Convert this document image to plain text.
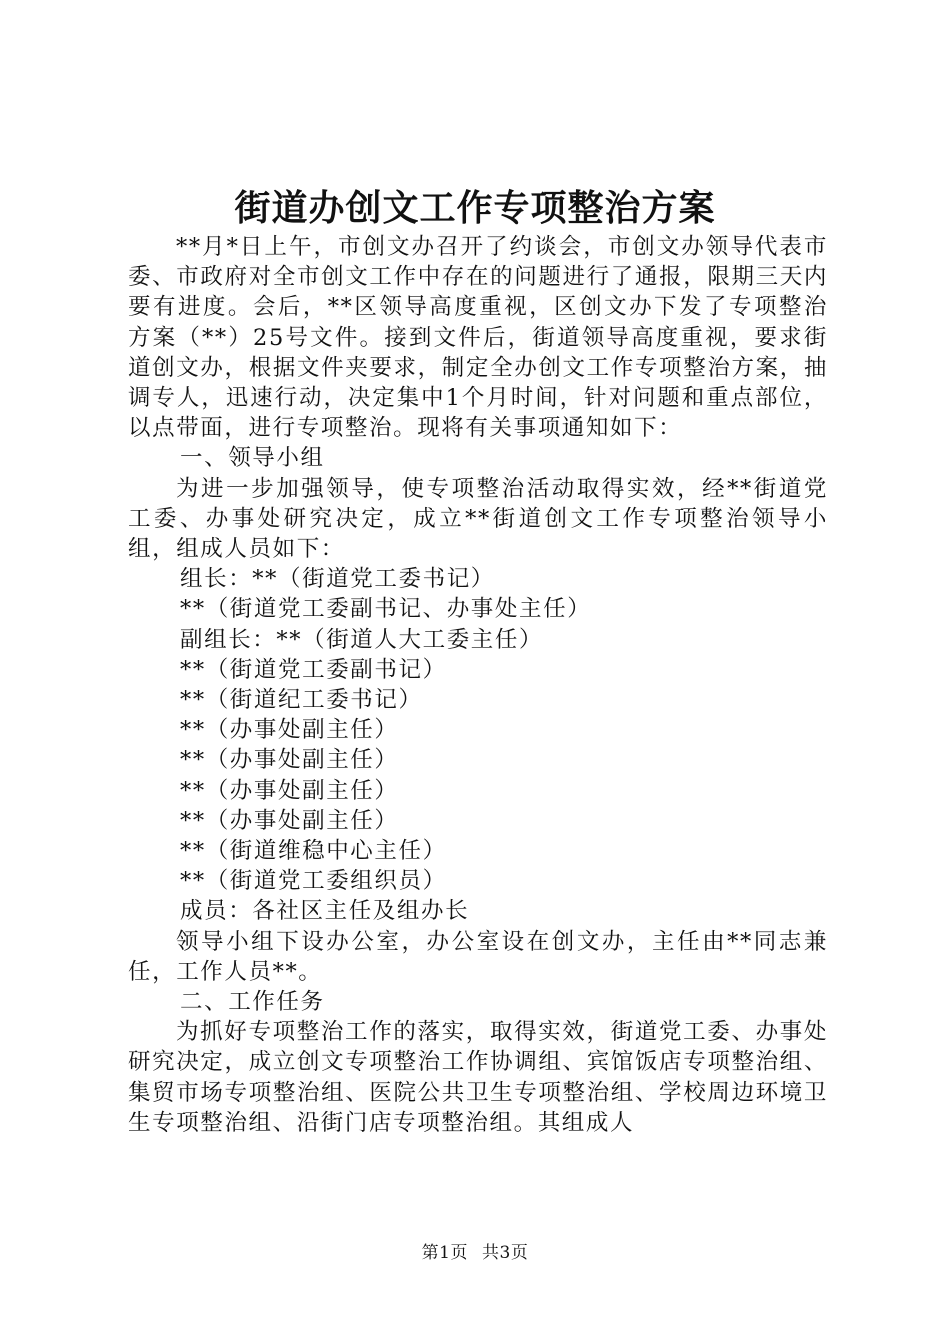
街道办创文工作专项整治方案

**月*日上午，市创文办召开了约谈会，市创文办领导代表市委、市政府对全市创文工作中存在的问题进行了通报，限期三天内要有进度。会后，**区领导高度重视，区创文办下发了专项整治方案（**）25号文件。接到文件后，街道领导高度重视，要求街道创文办，根据文件夹要求，制定全办创文工作专项整治方案，抽调专人，迅速行动，决定集中1个月时间，针对问题和重点部位，以点带面，进行专项整治。现将有关事项通知如下：

一、领导小组

为进一步加强领导，使专项整治活动取得实效，经**街道党工委、办事处研究决定，成立**街道创文工作专项整治领导小组，组成人员如下：

组长：**（街道党工委书记）

**（街道党工委副书记、办事处主任）

副组长：**（街道人大工委主任）

**（街道党工委副书记）

**（街道纪工委书记）

**（办事处副主任）

**（办事处副主任）

**（办事处副主任）

**（办事处副主任）

**（街道维稳中心主任）

**（街道党工委组织员）

成员：各社区主任及组办长

领导小组下设办公室，办公室设在创文办，主任由**同志兼任，工作人员**。

二、工作任务

为抓好专项整治工作的落实，取得实效，街道党工委、办事处研究决定，成立创文专项整治工作协调组、宾馆饭店专项整治组、集贸市场专项整治组、医院公共卫生专项整治组、学校周边环境卫生专项整治组、沿街门店专项整治组。其组成人

第1页 共3页
